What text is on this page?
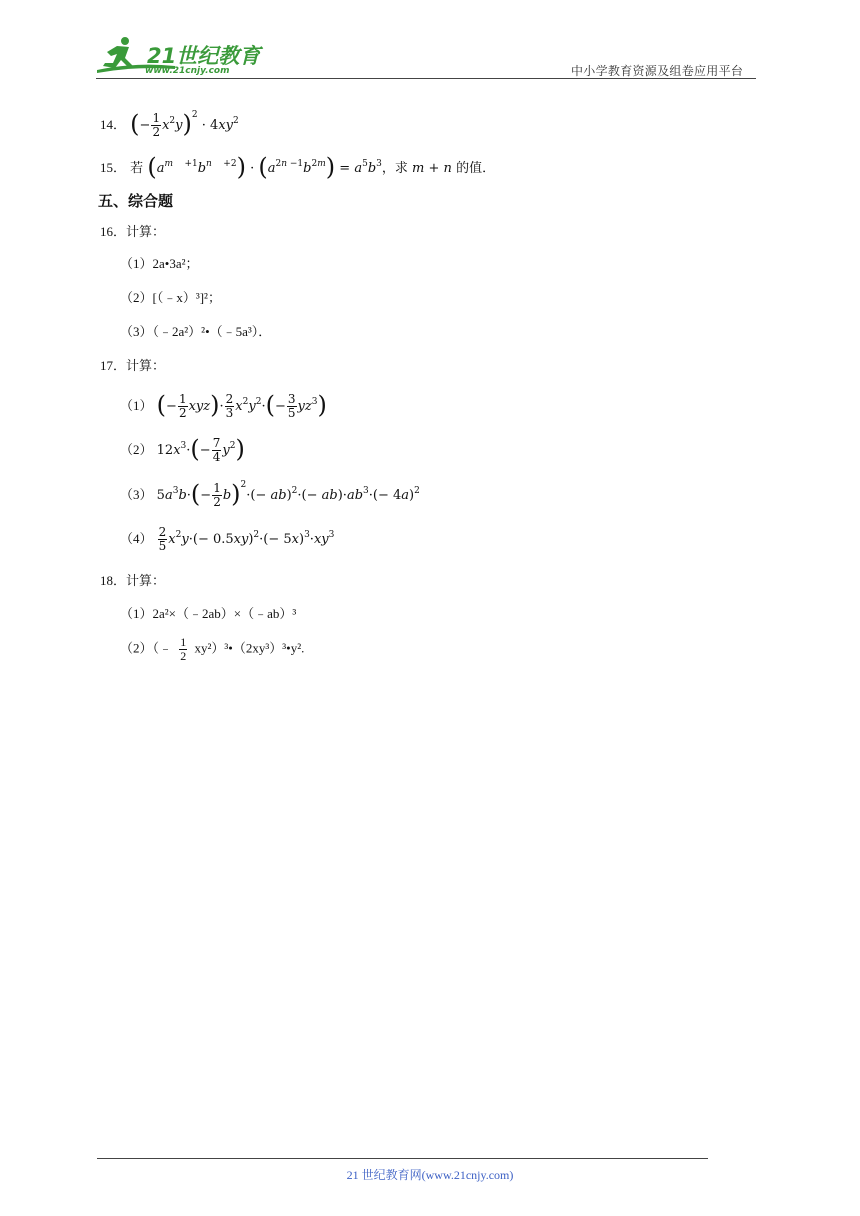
21世纪教育
www.21cnjy.com	中小学教育资源及组卷应用平台
14． (− $\frac{1}{2} x^2y)^2 \cdot 4xy^2$
15． 若 $(a^{m +1}b^{n +2}) \cdot (a^{2n -1}b^{2m}) = a^5b^3$，求 m + n 的值．
五、综合题
16．计算：
（1）2a•3a²；
（2）[（﹣x）³]²；
（3）（﹣2a²）²•（﹣5a³）．
17．计算：
（1） (− $\frac{1}{2} xyz)\cdot \frac{2}{3} x^2y^2\cdot(- \frac{3}{5} yz^3)$
（2） $12x^3\cdot(- \frac{7}{4} y^2)$
（3） $5a^3b\cdot(- \frac{1}{2} b)^2\cdot(- ab)^2\cdot(- ab)\cdot ab^3\cdot(- 4a)^2$
$(4) \frac{2}{5} x^2y\cdot(- 0.5xy)^2\cdot(- 5x)^3\cdot xy^3$
18．计算：
（1）2a²×（﹣2ab）×（﹣ab）³
（2）（﹣ $\frac{1}{2}$ xy²）³•（2xy³）³•y².
21 世纪教育网(www.21cnjy.com)
